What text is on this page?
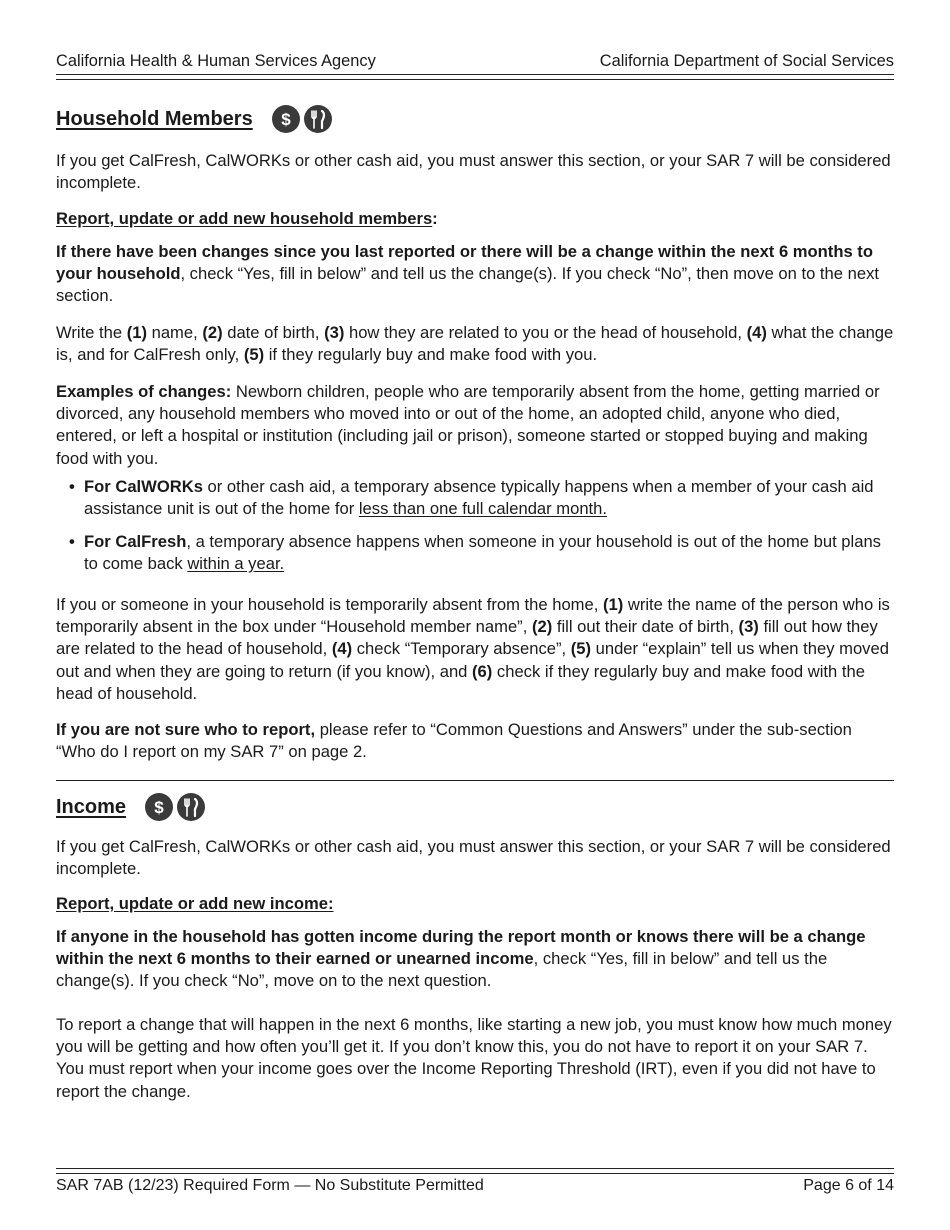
California Health & Human Services Agency	California Department of Social Services
Household Members $

If you get CalFresh, CalWORKs or other cash aid, you must answer this section, or your SAR 7 will be considered incomplete.

Report, update or add new household members:

If there have been changes since you last reported or there will be a change within the next 6 months to your household, check “Yes, fill in below” and tell us the change(s). If you check “No”, then move on to the next section.

Write the (1) name, (2) date of birth, (3) how they are related to you or the head of household, (4) what the change is, and for CalFresh only, (5) if they regularly buy and make food with you.

Examples of changes: Newborn children, people who are temporarily absent from the home, getting married or divorced, any household members who moved into or out of the home, an adopted child, anyone who died, entered, or left a hospital or institution (including jail or prison), someone started or stopped buying and making food with you.

• For CalWORKs or other cash aid, a temporary absence typically happens when a member of your cash aid assistance unit is out of the home for less than one full calendar month.
• For CalFresh, a temporary absence happens when someone in your household is out of the home but plans to come back within a year.

If you or someone in your household is temporarily absent from the home, (1) write the name of the person who is temporarily absent in the box under “Household member name”, (2) fill out their date of birth, (3) fill out how they are related to the head of household, (4) check “Temporary absence”, (5) under “explain” tell us when they moved out and when they are going to return (if you know), and (6) check if they regularly buy and make food with the head of household.

If you are not sure who to report, please refer to “Common Questions and Answers” under the sub-section “Who do I report on my SAR 7” on page 2.

Income $

If you get CalFresh, CalWORKs or other cash aid, you must answer this section, or your SAR 7 will be considered incomplete.

Report, update or add new income:

If anyone in the household has gotten income during the report month or knows there will be a change within the next 6 months to their earned or unearned income, check “Yes, fill in below” and tell us the change(s). If you check “No”, move on to the next question.

To report a change that will happen in the next 6 months, like starting a new job, you must know how much money you will be getting and how often you’ll get it. If you don’t know this, you do not have to report it on your SAR 7. You must report when your income goes over the Income Reporting Threshold (IRT), even if you did not have to report the change.

SAR 7AB (12/23) Required Form — No Substitute Permitted	Page 6 of 14
